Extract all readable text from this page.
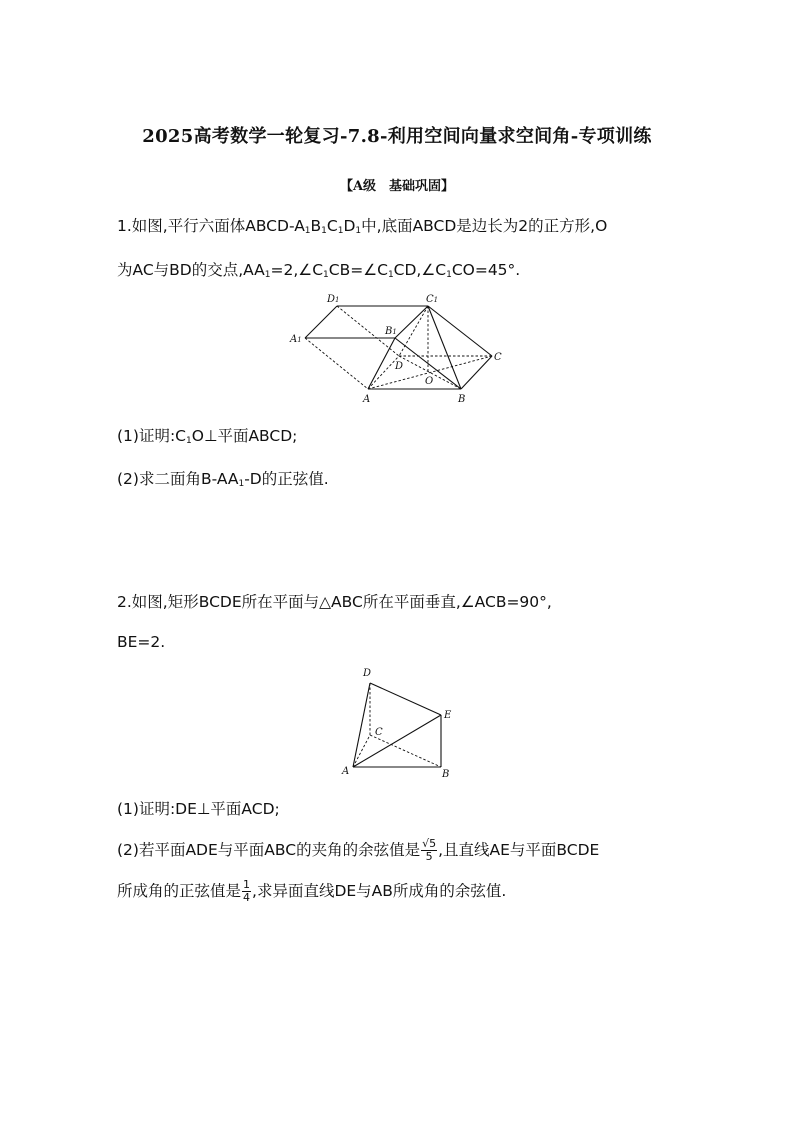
2025高考数学一轮复习-7.8-利用空间向量求空间角-专项训练
【A级　基础巩固】
1.如图,平行六面体ABCD-$A_1B_1C_1D_1$中,底面ABCD是边长为2的正方形,O
为AC与BD的交点$,AA_1=2,\angle C_1CB=\angle C_1CD,\angle C_1CO=45^\circ$.
D1	C1
A1
B1
D
C
O
A	B
(1)证明$:C_1O\perp$平面ABCD;
(2)求二面角$B-AA_1-D$的正弦值.
2.如图,矩形BCDE所在平面与△ABC所在平面垂直,∠ACB=90°,
BE=2.
D
E
C
A	B
(1)证明:DE⊥平面ACD;
(2)若平面ADE与平面ABC的夹角的余弦值是 $\frac{√5}{5}$ ,且直线AE与平面BCDE
所成角的正弦值是 $\frac{1}{4}$ ,求异面直线DE与AB所成角的余弦值.
